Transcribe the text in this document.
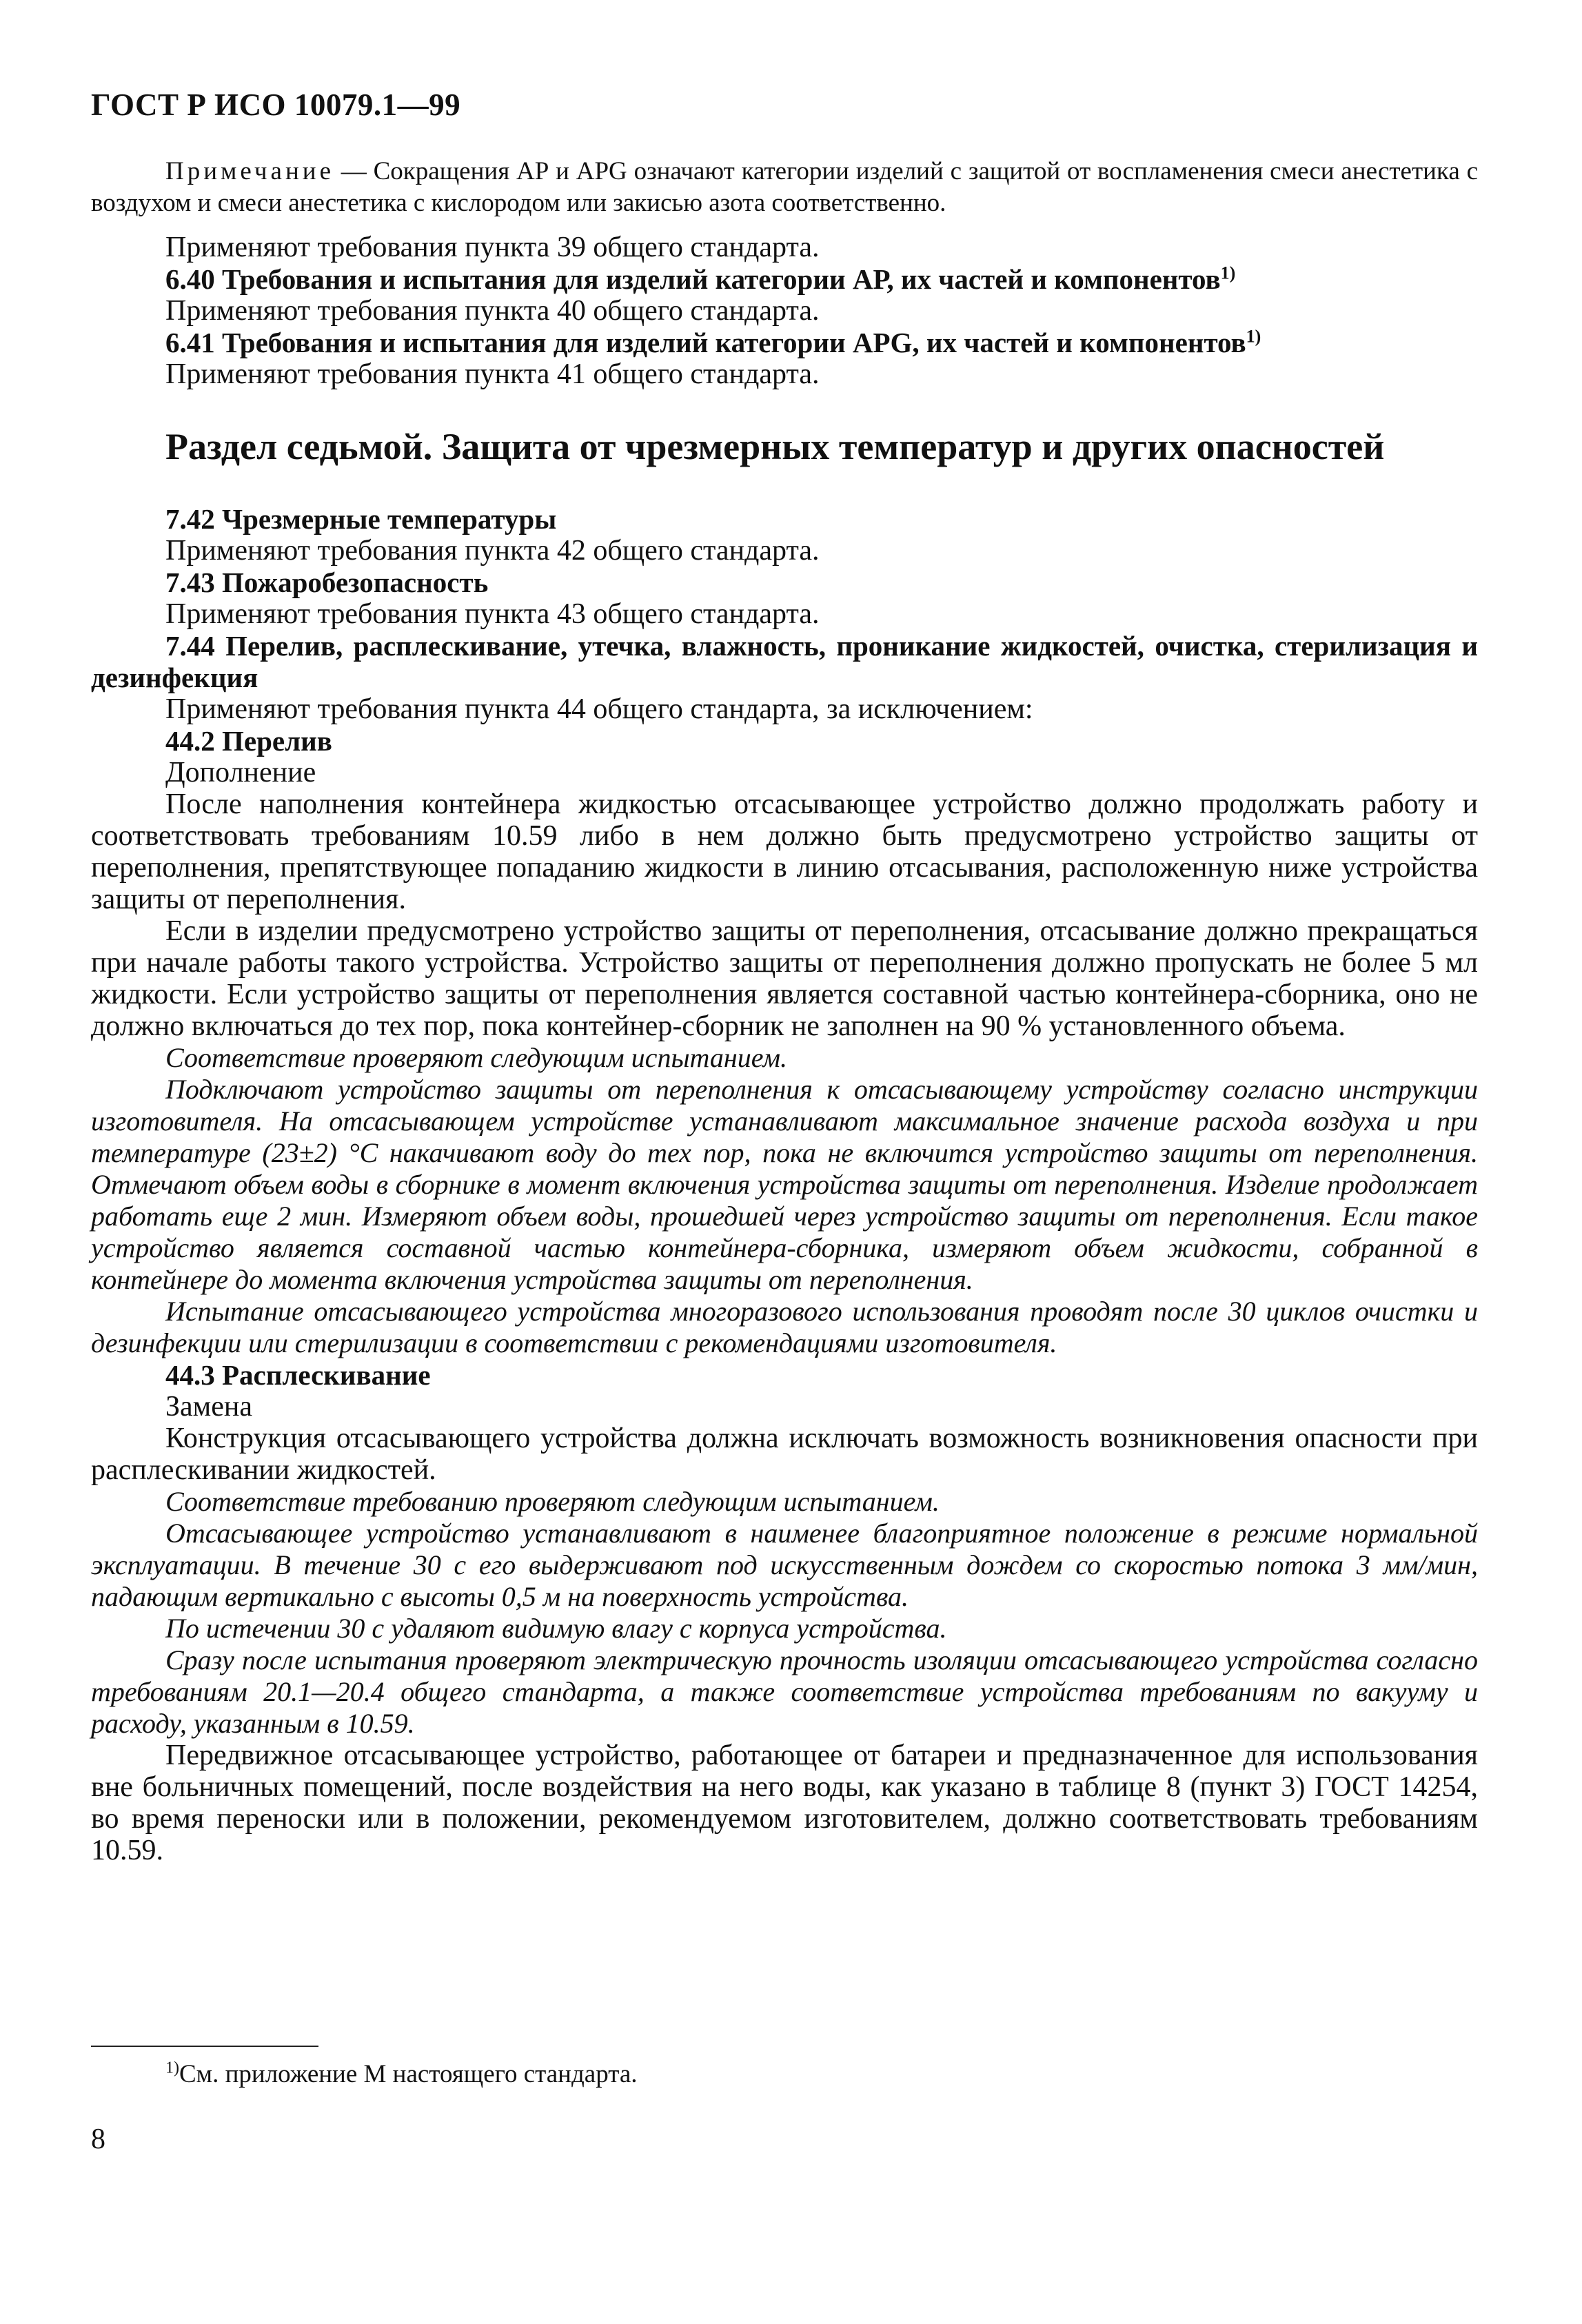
ГОСТ Р ИСО 10079.1—99

Примечание — Сокращения АР и APG означают категории изделий с защитой от воспламенения смеси анестетика с воздухом и смеси анестетика с кислородом или закисью азота соответственно.

Применяют требования пункта 39 общего стандарта.

6.40 Требования и испытания для изделий категории АР, их частей и компонентов$^{1)}$

Применяют требования пункта 40 общего стандарта.

6.41 Требования и испытания для изделий категории APG, их частей и компонентов$^{1)}$

Применяют требования пункта 41 общего стандарта.

Раздел седьмой. Защита от чрезмерных температур и других опасностей

7.42 Чрезмерные температуры

Применяют требования пункта 42 общего стандарта.

7.43 Пожаробезопасность

Применяют требования пункта 43 общего стандарта.

7.44 Перелив, расплескивание, утечка, влажность, проникание жидкостей, очистка, стерилизация и дезинфекция

Применяют требования пункта 44 общего стандарта, за исключением:

44.2 Перелив

Дополнение

После наполнения контейнера жидкостью отсасывающее устройство должно продолжать работу и соответствовать требованиям 10.59 либо в нем должно быть предусмотрено устройство защиты от переполнения, препятствующее попаданию жидкости в линию отсасывания, расположенную ниже устройства защиты от переполнения.

Если в изделии предусмотрено устройство защиты от переполнения, отсасывание должно прекращаться при начале работы такого устройства. Устройство защиты от переполнения должно пропускать не более 5 мл жидкости. Если устройство защиты от переполнения является составной частью контейнера-сборника, оно не должно включаться до тех пор, пока контейнер-сборник не заполнен на 90 % установленного объема.

Соответствие проверяют следующим испытанием.

Подключают устройство защиты от переполнения к отсасывающему устройству согласно инструкции изготовителя. На отсасывающем устройстве устанавливают максимальное значение расхода воздуха и при температуре (23±2) °С накачивают воду до тех пор, пока не включится устройство защиты от переполнения. Отмечают объем воды в сборнике в момент включения устройства защиты от переполнения. Изделие продолжает работать еще 2 мин. Измеряют объем воды, прошедшей через устройство защиты от переполнения. Если такое устройство является составной частью контейнера-сборника, измеряют объем жидкости, собранной в контейнере до момента включения устройства защиты от переполнения.

Испытание отсасывающего устройства многоразового использования проводят после 30 циклов очистки и дезинфекции или стерилизации в соответствии с рекомендациями изготовителя.

44.3 Расплескивание

Замена

Конструкция отсасывающего устройства должна исключать возможность возникновения опасности при расплескивании жидкостей.

Соответствие требованию проверяют следующим испытанием.

Отсасывающее устройство устанавливают в наименее благоприятное положение в режиме нормальной эксплуатации. В течение 30 с его выдерживают под искусственным дождем со скоростью потока 3 мм/мин, падающим вертикально с высоты 0,5 м на поверхность устройства.

По истечении 30 с удаляют видимую влагу с корпуса устройства.

Сразу после испытания проверяют электрическую прочность изоляции отсасывающего устройства согласно требованиям 20.1—20.4 общего стандарта, а также соответствие устройства требованиям по вакууму и расходу, указанным в 10.59.

Передвижное отсасывающее устройство, работающее от батареи и предназначенное для использования вне больничных помещений, после воздействия на него воды, как указано в таблице 8 (пункт 3) ГОСТ 14254, во время переноски или в положении, рекомендуемом изготовителем, должно соответствовать требованиям 10.59.

$^{1)}$См. приложение М настоящего стандарта.
8
